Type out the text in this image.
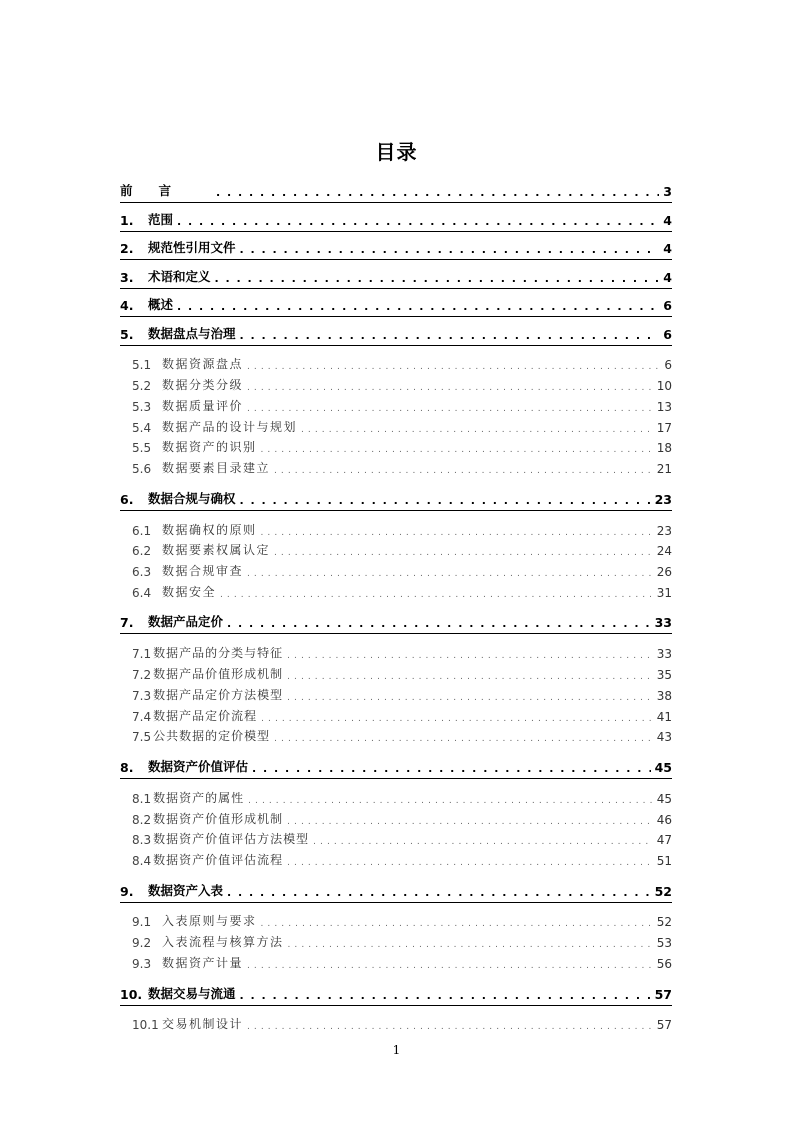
目录
前言 . . .	3
1.	范围 . . .	4
2.	规范性引用文件 . . .	4
3.	术语和定义 . . .	4
4.	概述 . . .	6
5.	数据盘点与治理 . . .	6
5.1 数据资源盘点 . . .	6
5.2 数据分类分级 . . .	10
5.3 数据质量评价 . . .	13
5.4 数据产品的设计与规划 . . .	17
5.5 数据资产的识别 . . .	18
5.6 数据要素目录建立 . . .	21
6.	数据合规与确权 . . .	23
6.1 数据确权的原则 . . .	23
6.2 数据要素权属认定 . . .	24
6.3 数据合规审查 . . .	26
6.4 数据安全 . . .	31
7.	数据产品定价 . . .	33
7.1 数据产品的分类与特征 . . .	33
7.2 数据产品价值形成机制 . . .	35
7.3 数据产品定价方法模型 . . .	38
7.4 数据产品定价流程 . . .	41
7.5 公共数据的定价模型 . . .	43
8.	数据资产价值评估 . . .	45
8.1 数据资产的属性 . . .	45
8.2 数据资产价值形成机制 . . .	46
8.3 数据资产价值评估方法模型 . . .	47
8.4 数据资产价值评估流程 . . .	51
9.	数据资产入表 . . .	52
9.1 入表原则与要求 . . .	52
9.2 入表流程与核算方法 . . .	53
9.3 数据资产计量 . . .	56
10. 数据交易与流通 . . .	57
10.1 交易机制设计 . . .	57
1
